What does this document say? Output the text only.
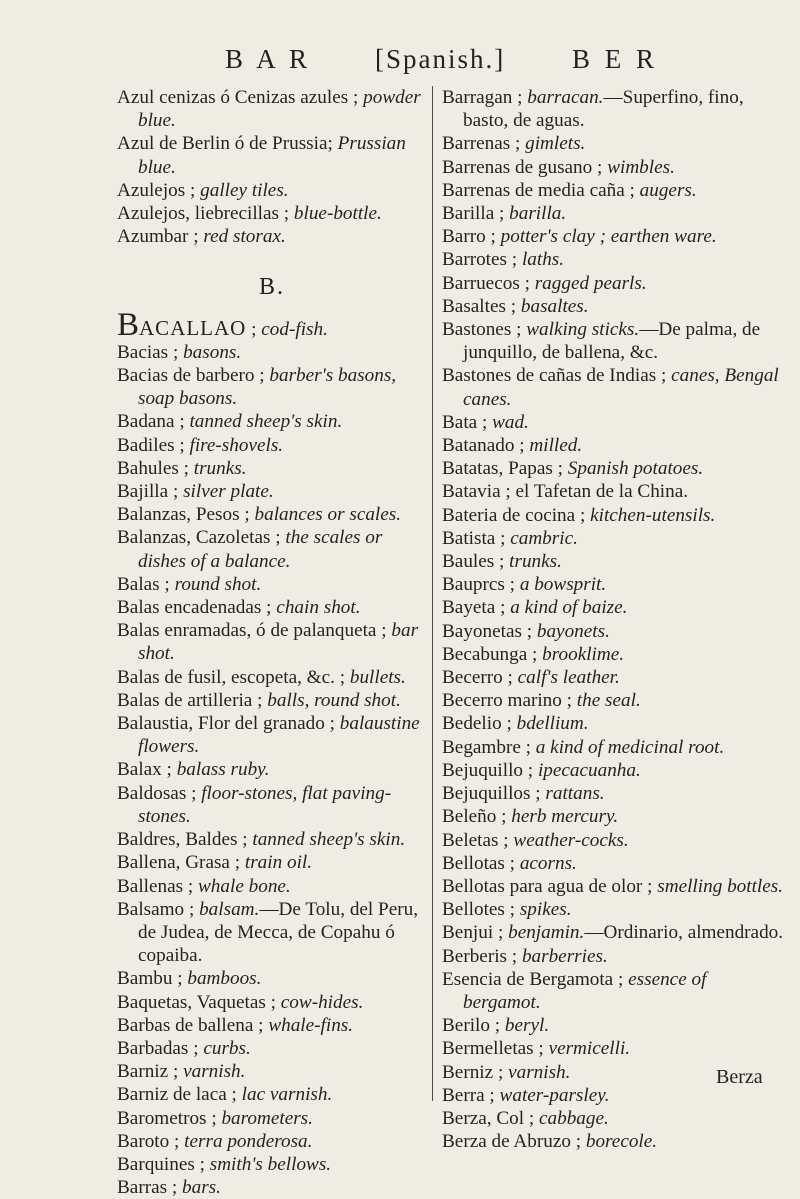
B A R [Spanish.] B E R
Azul cenizas ó Cenizas azules ; powder blue.
Azul de Berlin ó de Prussia; Prussian blue.
Azulejos ; galley tiles.
Azulejos, liebrecillas ; blue-bottle.
Azumbar ; red storax.
B.
BACALLAO ; cod-fish.
Bacias ; basons.
Bacias de barbero ; barber's basons, soap basons.
Badana ; tanned sheep's skin.
Badiles ; fire-shovels.
Bahules ; trunks.
Bajilla ; silver plate.
Balanzas, Pesos ; balances or scales.
Balanzas, Cazoletas ; the scales or dishes of a balance.
Balas ; round shot.
Balas encadenadas ; chain shot.
Balas enramadas, ó de palanqueta ; bar shot.
Balas de fusil, escopeta, &c. ; bullets.
Balas de artilleria ; balls, round shot.
Balaustia, Flor del granado ; balaustine flowers.
Balax ; balass ruby.
Baldosas ; floor-stones, flat paving-stones.
Baldres, Baldes ; tanned sheep's skin.
Ballena, Grasa ; train oil.
Ballenas ; whale bone.
Balsamo ; balsam.—De Tolu, del Peru, de Judea, de Mecca, de Copahu ó copaiba.
Bambu ; bamboos.
Baquetas, Vaquetas ; cow-hides.
Barbas de ballena ; whale-fins.
Barbadas ; curbs.
Barniz ; varnish.
Barniz de laca ; lac varnish.
Barometros ; barometers.
Baroto ; terra ponderosa.
Barquines ; smith's bellows.
Barras ; bars.
Barragan ; barracan.—Superfino, fino, basto, de aguas.
Barrenas ; gimlets.
Barrenas de gusano ; wimbles.
Barrenas de media caña ; augers.
Barilla ; barilla.
Barro ; potter's clay ; earthen ware.
Barrotes ; laths.
Barruecos ; ragged pearls.
Basaltes ; basaltes.
Bastones ; walking sticks.—De palma, de junquillo, de ballena, &c.
Bastones de cañas de Indias ; canes, Bengal canes.
Bata ; wad.
Batanado ; milled.
Batatas, Papas ; Spanish potatoes.
Batavia ; el Tafetan de la China.
Bateria de cocina ; kitchen-utensils.
Batista ; cambric.
Baules ; trunks.
Bauprcs ; a bowsprit.
Bayeta ; a kind of baize.
Bayonetas ; bayonets.
Becabunga ; brooklime.
Becerro ; calf's leather.
Becerro marino ; the seal.
Bedelio ; bdellium.
Begambre ; a kind of medicinal root.
Bejuquillo ; ipecacuanha.
Bejuquillos ; rattans.
Beleño ; herb mercury.
Beletas ; weather-cocks.
Bellotas ; acorns.
Bellotas para agua de olor ; smelling bottles.
Bellotes ; spikes.
Benjui ; benjamin.—Ordinario, almendrado.
Berberis ; barberries.
Esencia de Bergamota ; essence of bergamot.
Berilo ; beryl.
Bermelletas ; vermicelli.
Berniz ; varnish.
Berra ; water-parsley.
Berza, Col ; cabbage.
Berza de Abruzo ; borecole.
Berza
